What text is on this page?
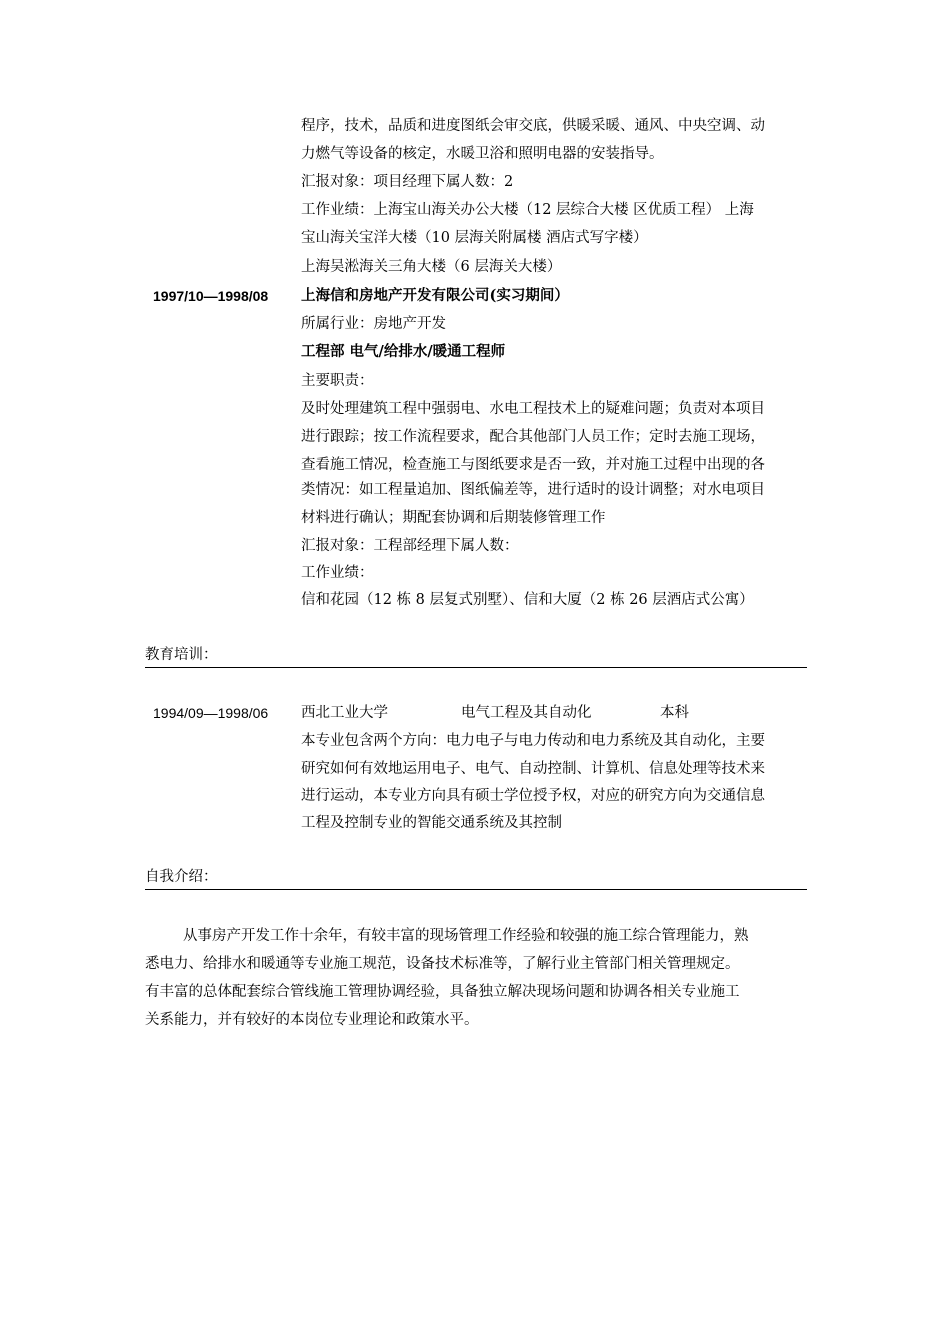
程序，技术，品质和进度图纸会审交底，供暖采暖、通风、中央空调、动
力燃气等设备的核定，水暖卫浴和照明电器的安装指导。
汇报对象：项目经理下属人数：2
工作业绩：上海宝山海关办公大楼（12 层综合大楼 区优质工程） 上海
宝山海关宝洋大楼（10 层海关附属楼 酒店式写字楼）
上海吴淞海关三角大楼（6 层海关大楼）
1997/10—1998/08 上海信和房地产开发有限公司(实习期间）
所属行业：房地产开发
工程部 电气/给排水/暖通工程师
主要职责：
及时处理建筑工程中强弱电、水电工程技术上的疑难问题；负责对本项目
进行跟踪；按工作流程要求，配合其他部门人员工作；定时去施工现场，
查看施工情况，检查施工与图纸要求是否一致，并对施工过程中出现的各
类情况：如工程量追加、图纸偏差等，进行适时的设计调整；对水电项目
材料进行确认；期配套协调和后期装修管理工作
汇报对象：工程部经理下属人数：
工作业绩：
信和花园（12 栋 8 层复式别墅）、信和大厦（2 栋 26 层酒店式公寓）
教育培训：
1994/09—1998/06 西北工业大学	电气工程及其自动化	本科
本专业包含两个方向：电力电子与电力传动和电力系统及其自动化，主要
研究如何有效地运用电子、电气、自动控制、计算机、信息处理等技术来
进行运动，本专业方向具有硕士学位授予权，对应的研究方向为交通信息
工程及控制专业的智能交通系统及其控制
自我介绍：
从事房产开发工作十余年，有较丰富的现场管理工作经验和较强的施工综合管理能力，熟
悉电力、给排水和暖通等专业施工规范，设备技术标准等，了解行业主管部门相关管理规定。
有丰富的总体配套综合管线施工管理协调经验，具备独立解决现场问题和协调各相关专业施工
关系能力，并有较好的本岗位专业理论和政策水平。
